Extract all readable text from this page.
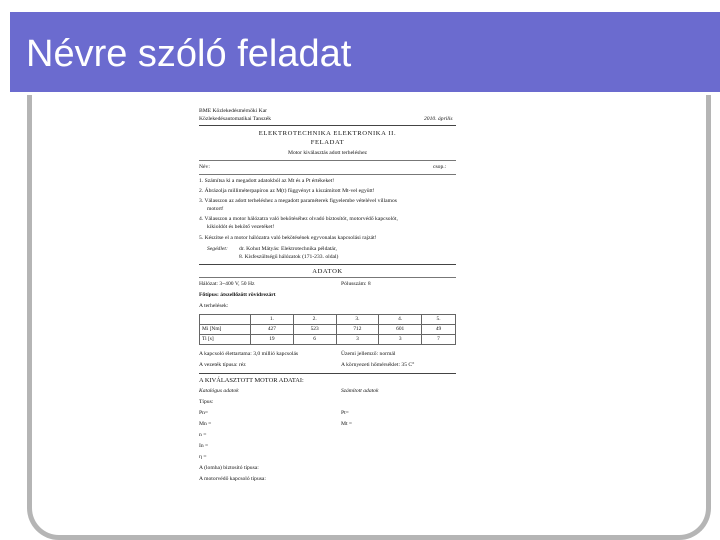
Névre szóló feladat
BME Közlekedésmérnöki Kar
Közlekedésautomatikai Tanszék	2010. április
ELEKTROTECHNIKA ELEKTRONIKA II.
FELADAT
Motor kiválasztás adott terheléshez
Név:	csop.:
1. Számítsa ki a megadott adatokból az Mt és a Pt értékeket!
2. Ábrázolja milliméterpapíron az M(t) függvényt a kiszámított Mt-vel együtt!
3. Válasszon az adott terheléshez a megadott paraméterek figyelembe vételével villamos
motort!
4. Válasszon a motor hálózatra való bekötéséhez olvadó biztosítót, motorvédő kapcsolót,
kikioldót és bekötő vezetéket!
5. Készítse el a motor hálózatra való bekötésének egyvonalas kapcsolási rajzát!
Segédlet: dr. Kohut Mátyás: Elektrotechnika példatár,
8. Kisfeszültségű hálózatok (171-233. oldal)
ADATOK
Hálózat: 3~400 V, 50 Hz	Pólusszám: 8
Főtípus: átszellőzött rövidrezárt
A terhelések:
	1.	2.	3.	4.	5.
Mi [Nm]	427	523	712	601	49
Ti [s]	19	6	3	3	7
A kapcsoló élettartama: 3,0 millió kapcsolás	Üzemi jellemző: normál
A vezeték típusa: réz	A környezeti hőmérséklet: 35 C°
A KIVÁLASZTOTT MOTOR ADATAI:
Katalógus adatok	Számított adatok
Típus:
Pn=	Pt=
Mn =	Mt =
n =
In =
η =
A (lomha) biztosító típusa:
A motorvédő kapcsoló típusa:
